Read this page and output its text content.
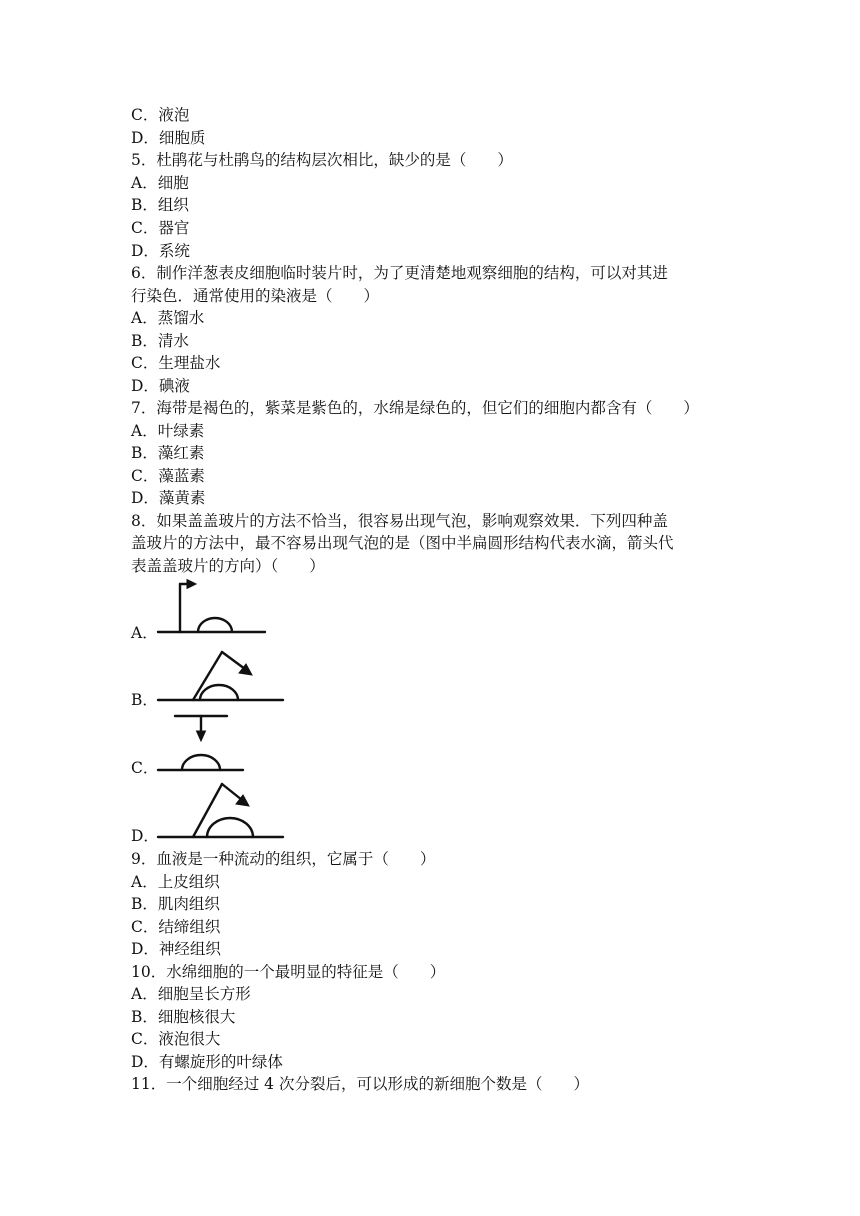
C．液泡
D．细胞质
5．杜鹃花与杜鹃鸟的结构层次相比，缺少的是（　　）
A．细胞
B．组织
C．器官
D．系统
6．制作洋葱表皮细胞临时装片时，为了更清楚地观察细胞的结构，可以对其进
行染色．通常使用的染液是（　　）
A．蒸馏水
B．清水
C．生理盐水
D．碘液
7．海带是褐色的，紫菜是紫色的，水绵是绿色的，但它们的细胞内都含有（　　）
A．叶绿素
B．藻红素
C．藻蓝素
D．藻黄素
8．如果盖盖玻片的方法不恰当，很容易出现气泡，影响观察效果．下列四种盖
盖玻片的方法中，最不容易出现气泡的是（图中半扁圆形结构代表水滴，箭头代
表盖盖玻片的方向）（　　）
A．
B．
C．
D．
9．血液是一种流动的组织，它属于（　　）
A．上皮组织
B．肌肉组织
C．结缔组织
D．神经组织
10．水绵细胞的一个最明显的特征是（　　）
A．细胞呈长方形
B．细胞核很大
C．液泡很大
D．有螺旋形的叶绿体
11．一个细胞经过 4 次分裂后，可以形成的新细胞个数是（　　）
